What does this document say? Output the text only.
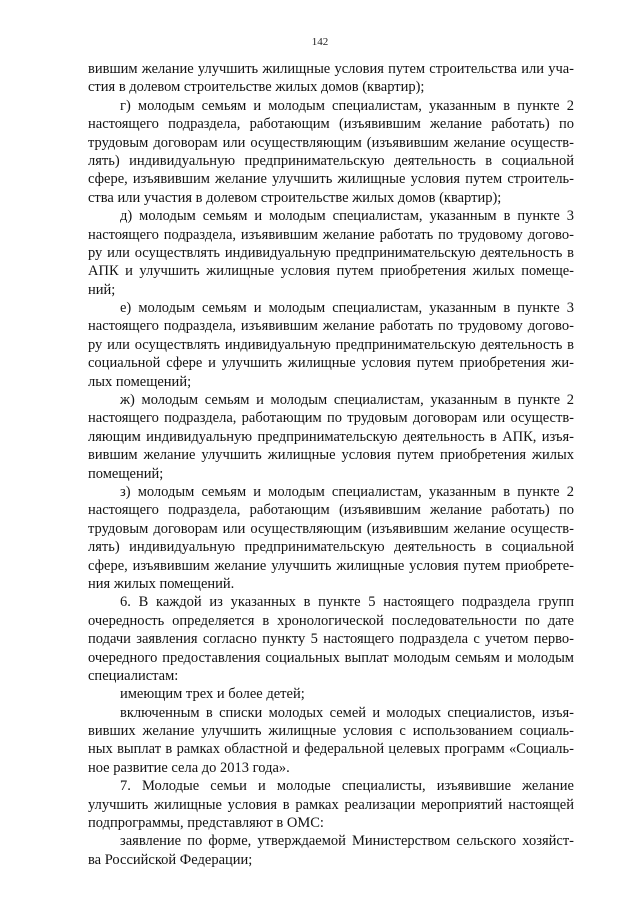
142
вившим желание улучшить жилищные условия путем строительства или уча-
стия в долевом строительстве жилых домов (квартир);
г) молодым семьям и молодым специалистам, указанным в пункте 2
настоящего подраздела, работающим (изъявившим желание работать) по
трудовым договорам или осуществляющим (изъявившим желание осуществ-
лять) индивидуальную предпринимательскую деятельность в социальной
сфере, изъявившим желание улучшить жилищные условия путем строитель-
ства или участия в долевом строительстве жилых домов (квартир);
д) молодым семьям и молодым специалистам, указанным в пункте 3
настоящего подраздела, изъявившим желание работать по трудовому догово-
ру или осуществлять индивидуальную предпринимательскую деятельность в
АПК и улучшить жилищные условия путем приобретения жилых помеще-
ний;
е) молодым семьям и молодым специалистам, указанным в пункте 3
настоящего подраздела, изъявившим желание работать по трудовому догово-
ру или осуществлять индивидуальную предпринимательскую деятельность в
социальной сфере и улучшить жилищные условия путем приобретения жи-
лых помещений;
ж) молодым семьям и молодым специалистам, указанным в пункте 2
настоящего подраздела, работающим по трудовым договорам или осуществ-
ляющим индивидуальную предпринимательскую деятельность в АПК, изъя-
вившим желание улучшить жилищные условия путем приобретения жилых
помещений;
з) молодым семьям и молодым специалистам, указанным в пункте 2
настоящего подраздела, работающим (изъявившим желание работать) по
трудовым договорам или осуществляющим (изъявившим желание осуществ-
лять) индивидуальную предпринимательскую деятельность в социальной
сфере, изъявившим желание улучшить жилищные условия путем приобрете-
ния жилых помещений.
6. В каждой из указанных в пункте 5 настоящего подраздела групп
очередность определяется в хронологической последовательности по дате
подачи заявления согласно пункту 5 настоящего подраздела с учетом перво-
очередного предоставления социальных выплат молодым семьям и молодым
специалистам:
имеющим трех и более детей;
включенным в списки молодых семей и молодых специалистов, изъя-
вивших желание улучшить жилищные условия с использованием социаль-
ных выплат в рамках областной и федеральной целевых программ «Социаль-
ное развитие села до 2013 года».
7. Молодые семьи и молодые специалисты, изъявившие желание
улучшить жилищные условия в рамках реализации мероприятий настоящей
подпрограммы, представляют в ОМС:
заявление по форме, утверждаемой Министерством сельского хозяйст-
ва Российской Федерации;
